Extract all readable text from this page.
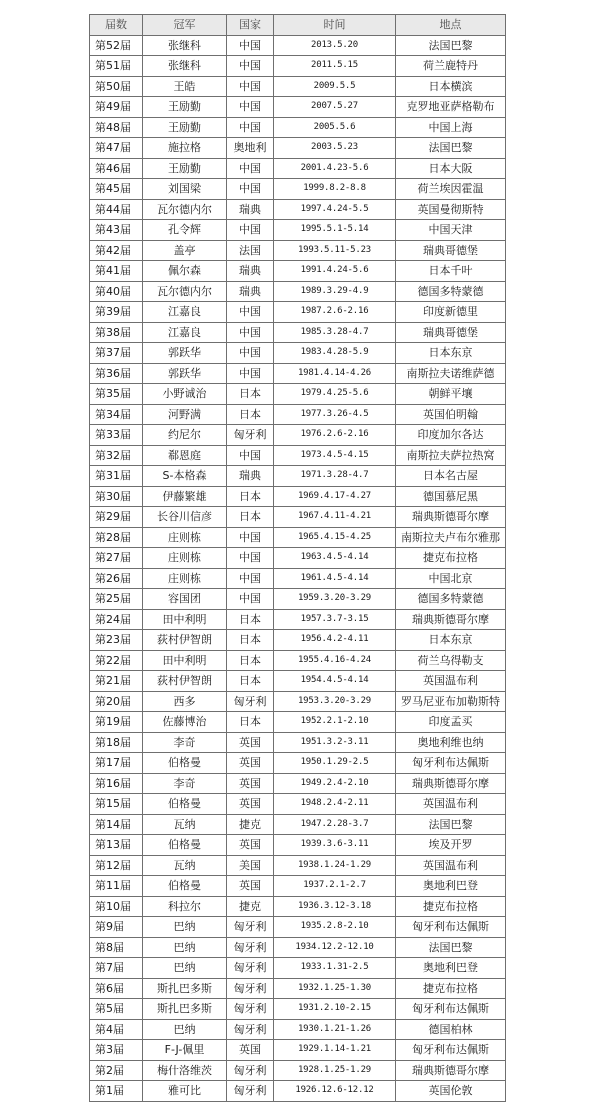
届数	冠军	国家	时间	地点
第52届	张继科	中国	2013.5.20	法国巴黎
第51届	张继科	中国	2011.5.15	荷兰鹿特丹
第50届	王皓	中国	2009.5.5	日本横滨
第49届	王励勤	中国	2007.5.27	克罗地亚萨格勒布
第48届	王励勤	中国	2005.5.6	中国上海
第47届	施拉格	奥地利	2003.5.23	法国巴黎
第46届	王励勤	中国	2001.4.23-5.6	日本大阪
第45届	刘国梁	中国	1999.8.2-8.8	荷兰埃因霍温
第44届	瓦尔德内尔	瑞典	1997.4.24-5.5	英国曼彻斯特
第43届	孔令辉	中国	1995.5.1-5.14	中国天津
第42届	盖亭	法国	1993.5.11-5.23	瑞典哥德堡
第41届	佩尔森	瑞典	1991.4.24-5.6	日本千叶
第40届	瓦尔德内尔	瑞典	1989.3.29-4.9	德国多特蒙德
第39届	江嘉良	中国	1987.2.6-2.16	印度新德里
第38届	江嘉良	中国	1985.3.28-4.7	瑞典哥德堡
第37届	郭跃华	中国	1983.4.28-5.9	日本东京
第36届	郭跃华	中国	1981.4.14-4.26	南斯拉夫诺维萨德
第35届	小野诚治	日本	1979.4.25-5.6	朝鲜平壤
第34届	河野满	日本	1977.3.26-4.5	英国伯明翰
第33届	约尼尔	匈牙利	1976.2.6-2.16	印度加尔各达
第32届	郗恩庭	中国	1973.4.5-4.15	南斯拉夫萨拉热窝
第31届	S-本格森	瑞典	1971.3.28-4.7	日本名古屋
第30届	伊藤繁雄	日本	1969.4.17-4.27	德国慕尼黑
第29届	长谷川信彦	日本	1967.4.11-4.21	瑞典斯德哥尔摩
第28届	庄则栋	中国	1965.4.15-4.25	南斯拉夫卢布尔雅那
第27届	庄则栋	中国	1963.4.5-4.14	捷克布拉格
第26届	庄则栋	中国	1961.4.5-4.14	中国北京
第25届	容国团	中国	1959.3.20-3.29	德国多特蒙德
第24届	田中利明	日本	1957.3.7-3.15	瑞典斯德哥尔摩
第23届	荻村伊智朗	日本	1956.4.2-4.11	日本东京
第22届	田中利明	日本	1955.4.16-4.24	荷兰乌得勒支
第21届	荻村伊智朗	日本	1954.4.5-4.14	英国温布利
第20届	西多	匈牙利	1953.3.20-3.29	罗马尼亚布加勒斯特
第19届	佐藤博治	日本	1952.2.1-2.10	印度孟买
第18届	李奇	英国	1951.3.2-3.11	奥地利维也纳
第17届	伯格曼	英国	1950.1.29-2.5	匈牙利布达佩斯
第16届	李奇	英国	1949.2.4-2.10	瑞典斯德哥尔摩
第15届	伯格曼	英国	1948.2.4-2.11	英国温布利
第14届	瓦纳	捷克	1947.2.28-3.7	法国巴黎
第13届	伯格曼	英国	1939.3.6-3.11	埃及开罗
第12届	瓦纳	美国	1938.1.24-1.29	英国温布利
第11届	伯格曼	英国	1937.2.1-2.7	奥地利巴登
第10届	科拉尔	捷克	1936.3.12-3.18	捷克布拉格
第9届	巴纳	匈牙利	1935.2.8-2.10	匈牙利布达佩斯
第8届	巴纳	匈牙利	1934.12.2-12.10	法国巴黎
第7届	巴纳	匈牙利	1933.1.31-2.5	奥地利巴登
第6届	斯扎巴多斯	匈牙利	1932.1.25-1.30	捷克布拉格
第5届	斯扎巴多斯	匈牙利	1931.2.10-2.15	匈牙利布达佩斯
第4届	巴纳	匈牙利	1930.1.21-1.26	德国柏林
第3届	F-J-佩里	英国	1929.1.14-1.21	匈牙利布达佩斯
第2届	梅什洛维茨	匈牙利	1928.1.25-1.29	瑞典斯德哥尔摩
第1届	雅可比	匈牙利	1926.12.6-12.12	英国伦敦
